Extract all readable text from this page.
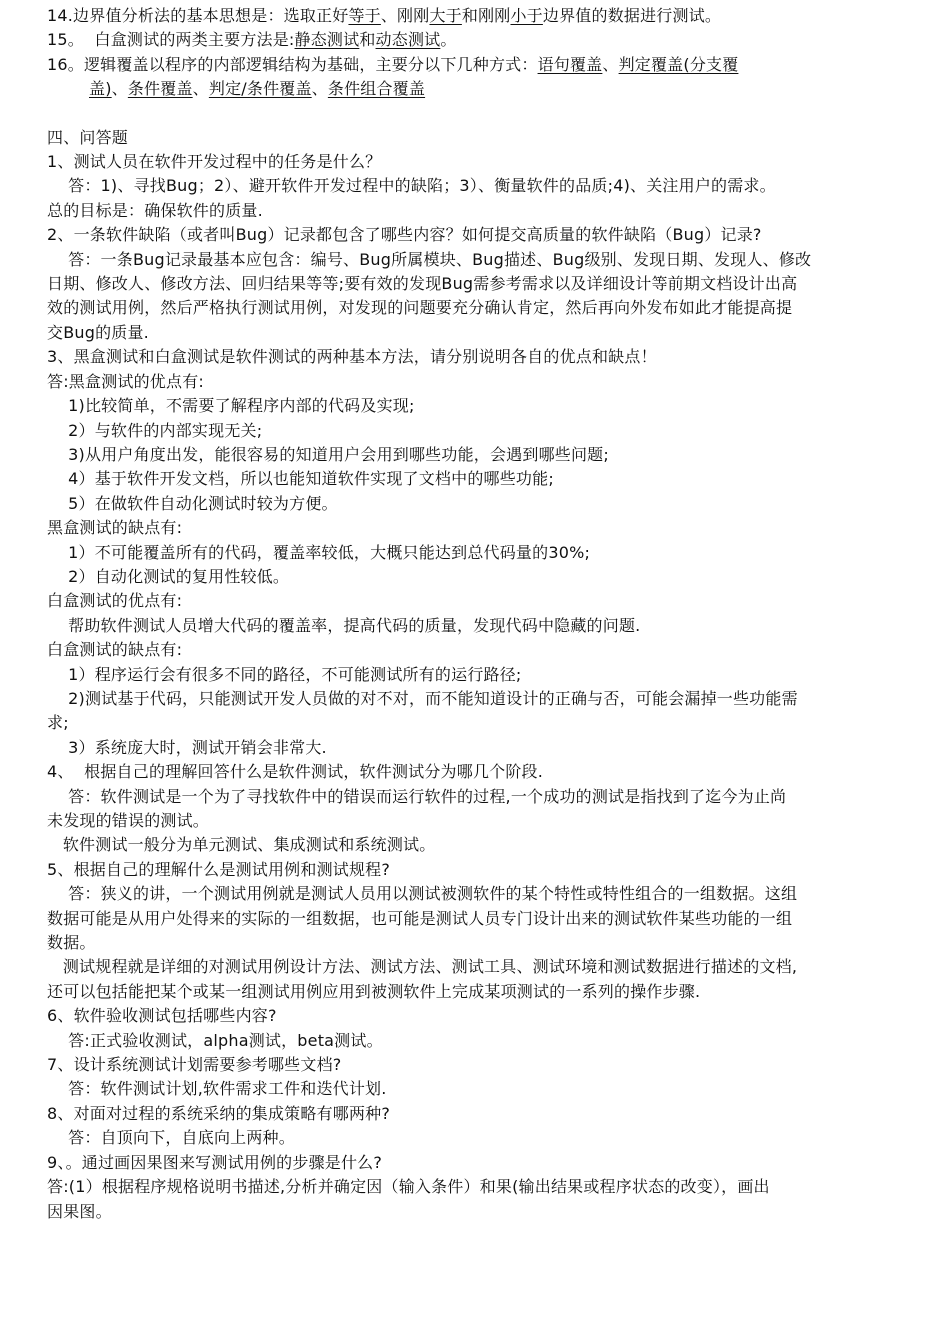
14.边界值分析法的基本思想是：选取正好等于、刚刚大于和刚刚小于边界值的数据进行测试。
15。  白盒测试的两类主要方法是:静态测试和动态测试。
16。逻辑覆盖以程序的内部逻辑结构为基础，主要分以下几种方式：语句覆盖、判定覆盖(分支覆
盖)、条件覆盖、判定/条件覆盖、条件组合覆盖
四、问答题
1、测试人员在软件开发过程中的任务是什么？
答：1)、寻找Bug；2）、避开软件开发过程中的缺陷；3）、衡量软件的品质;4)、关注用户的需求。
总的目标是：确保软件的质量.
2、一条软件缺陷（或者叫Bug）记录都包含了哪些内容？如何提交高质量的软件缺陷（Bug）记录?
答：一条Bug记录最基本应包含：编号、Bug所属模块、Bug描述、Bug级别、发现日期、发现人、修改
日期、修改人、修改方法、回归结果等等;要有效的发现Bug需参考需求以及详细设计等前期文档设计出高
效的测试用例，然后严格执行测试用例，对发现的问题要充分确认肯定，然后再向外发布如此才能提高提
交Bug的质量.
3、黑盒测试和白盒测试是软件测试的两种基本方法，请分别说明各自的优点和缺点！
答:黑盒测试的优点有:
1)比较简单，不需要了解程序内部的代码及实现;
2）与软件的内部实现无关;
3)从用户角度出发，能很容易的知道用户会用到哪些功能，会遇到哪些问题;
4）基于软件开发文档，所以也能知道软件实现了文档中的哪些功能;
5）在做软件自动化测试时较为方便。
黑盒测试的缺点有:
1）不可能覆盖所有的代码，覆盖率较低，大概只能达到总代码量的30%;
2）自动化测试的复用性较低。
白盒测试的优点有:
帮助软件测试人员增大代码的覆盖率，提高代码的质量，发现代码中隐藏的问题.
白盒测试的缺点有:
1）程序运行会有很多不同的路径，不可能测试所有的运行路径;
2)测试基于代码，只能测试开发人员做的对不对，而不能知道设计的正确与否，可能会漏掉一些功能需
求;
3）系统庞大时，测试开销会非常大.
4、  根据自己的理解回答什么是软件测试，软件测试分为哪几个阶段.
答：软件测试是一个为了寻找软件中的错误而运行软件的过程,一个成功的测试是指找到了迄今为止尚
未发现的错误的测试。
软件测试一般分为单元测试、集成测试和系统测试。
5、根据自己的理解什么是测试用例和测试规程?
答：狭义的讲，一个测试用例就是测试人员用以测试被测软件的某个特性或特性组合的一组数据。这组
数据可能是从用户处得来的实际的一组数据，也可能是测试人员专门设计出来的测试软件某些功能的一组
数据。
测试规程就是详细的对测试用例设计方法、测试方法、测试工具、测试环境和测试数据进行描述的文档,
还可以包括能把某个或某一组测试用例应用到被测软件上完成某项测试的一系列的操作步骤.
6、软件验收测试包括哪些内容?
答:正式验收测试，alpha测试，beta测试。
7、设计系统测试计划需要参考哪些文档?
答：软件测试计划,软件需求工件和迭代计划.
8、对面对过程的系统采纳的集成策略有哪两种?
答：自顶向下，自底向上两种。
9、。通过画因果图来写测试用例的步骤是什么?
答:(1）根据程序规格说明书描述,分析并确定因（输入条件）和果(输出结果或程序状态的改变），画出
因果图。
